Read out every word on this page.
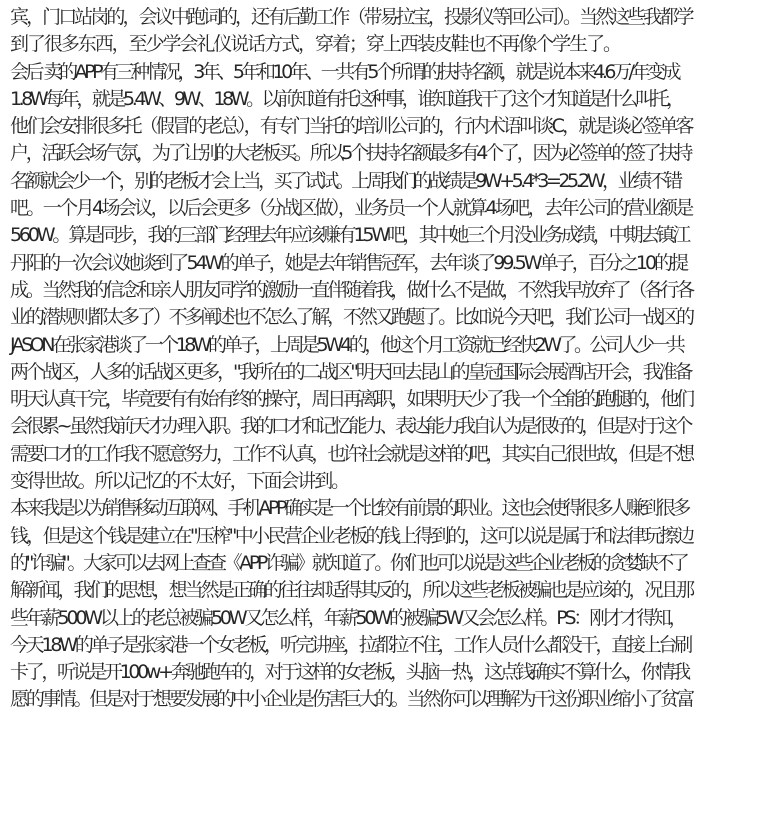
宾，门口站岗的，会议中跑词的，还有后勤工作（带易拉宝，投影仪等回公司）。当然这些我都学
到了很多东西，至少学会礼仪说话方式，穿着；穿上西装皮鞋也不再像个学生了。
会后 卖的APP有三种情况，3年、5年和10年、一共有5个所谓的扶持名额，就是说本来4.6万/年变成
1.8W每年，就是5.4W、9W、18W。以前知道有托这种事，谁知道我干了这个才知道是什么叫托，
他们会安排很多托（假冒的老总），有专门当托的培训公司的，行内术语叫谈C，就是谈必签单客
户，活跃会场气氛，为了让别的大老板买。所以5个扶持名额最多有4个了，因为必签单的签了扶持
名额就会少一个，别的老板才会上当，买了试试。上周我们的战绩是9W+5.4*3=25.2W，业绩不错
吧。一个月4场会议，以后会更多（分战区做），业务员一个人就算4场吧，去年公司的营业额是
560W。算是同步，我的三部门经理去年应该赚有15W吧，其中她三个月没业务成绩，中期去镇江
丹阳的一次会议她谈到了54W的单子，她是去年销售冠军，去年谈了99.5W单子，百分之10的提
成。当然我的信念和亲人朋友同学的激励一直伴随着我，做什么不是做，不然我早放弃了（各行各
业的潜规则都太多了）不多阐述也不怎么了解，不然又跑题了。比如说今天吧，我们公司一战区的
JASON在张家港谈了一个18W的单子，上周是5W4的，他这个月工资就已经快2W了。公司人少一共
两个战区，人多的话战区更多，"我所在的二战区"明天回去昆山的皇冠国际会展酒店开会，我准备
明天认真干完，毕竟要有有始有终的操守，周日再离职，如果明天少了我一个全能的跑腿的，他们
会很累~虽然我前天才办理入职。我的口才和记忆能力、表达能力我自认为是很好的，但是对于这个
需要口才的工作我不愿意努力，工作不认真，也许社会就是这样的吧，其实自己很世故，但是不想
变得世故。所以记忆的不太好，下面会讲到。
本来我是以为销售移动互联网、手机APP确实是一个比较有前景的职业。这也会使得很多人赚到很多
钱，但是这个钱是建立在"压榨"中小民营企业老板的钱上得到的，这可以说是属于和法律玩擦边
的"诈骗"。大家可以去网上查查《APP诈骗》就知道了。你们也可以说是这些企业老板的贪婪缺不了
解新闻，我们的思想，想当然是正确的往往却适得其反的，所以这些老板被骗也是应该的，况且那
些年薪500W以上的老总被骗50W又怎么样，年薪50W的被骗5W又会怎么样。PS：刚才才得知，
今天18W的单子是张家港一个女老板，听完讲座，拉都拉不住，工作人员什么都没干，直接上台刷
卡了，听说是开100w+奔驰跑车的，对于这样的女老板，头脑一热，这点钱确实不算什么，你情我
愿的事情。但是对于想要发展的中小企业是伤害巨大的。当然你可以理解为干这份职业缩小了贫富
